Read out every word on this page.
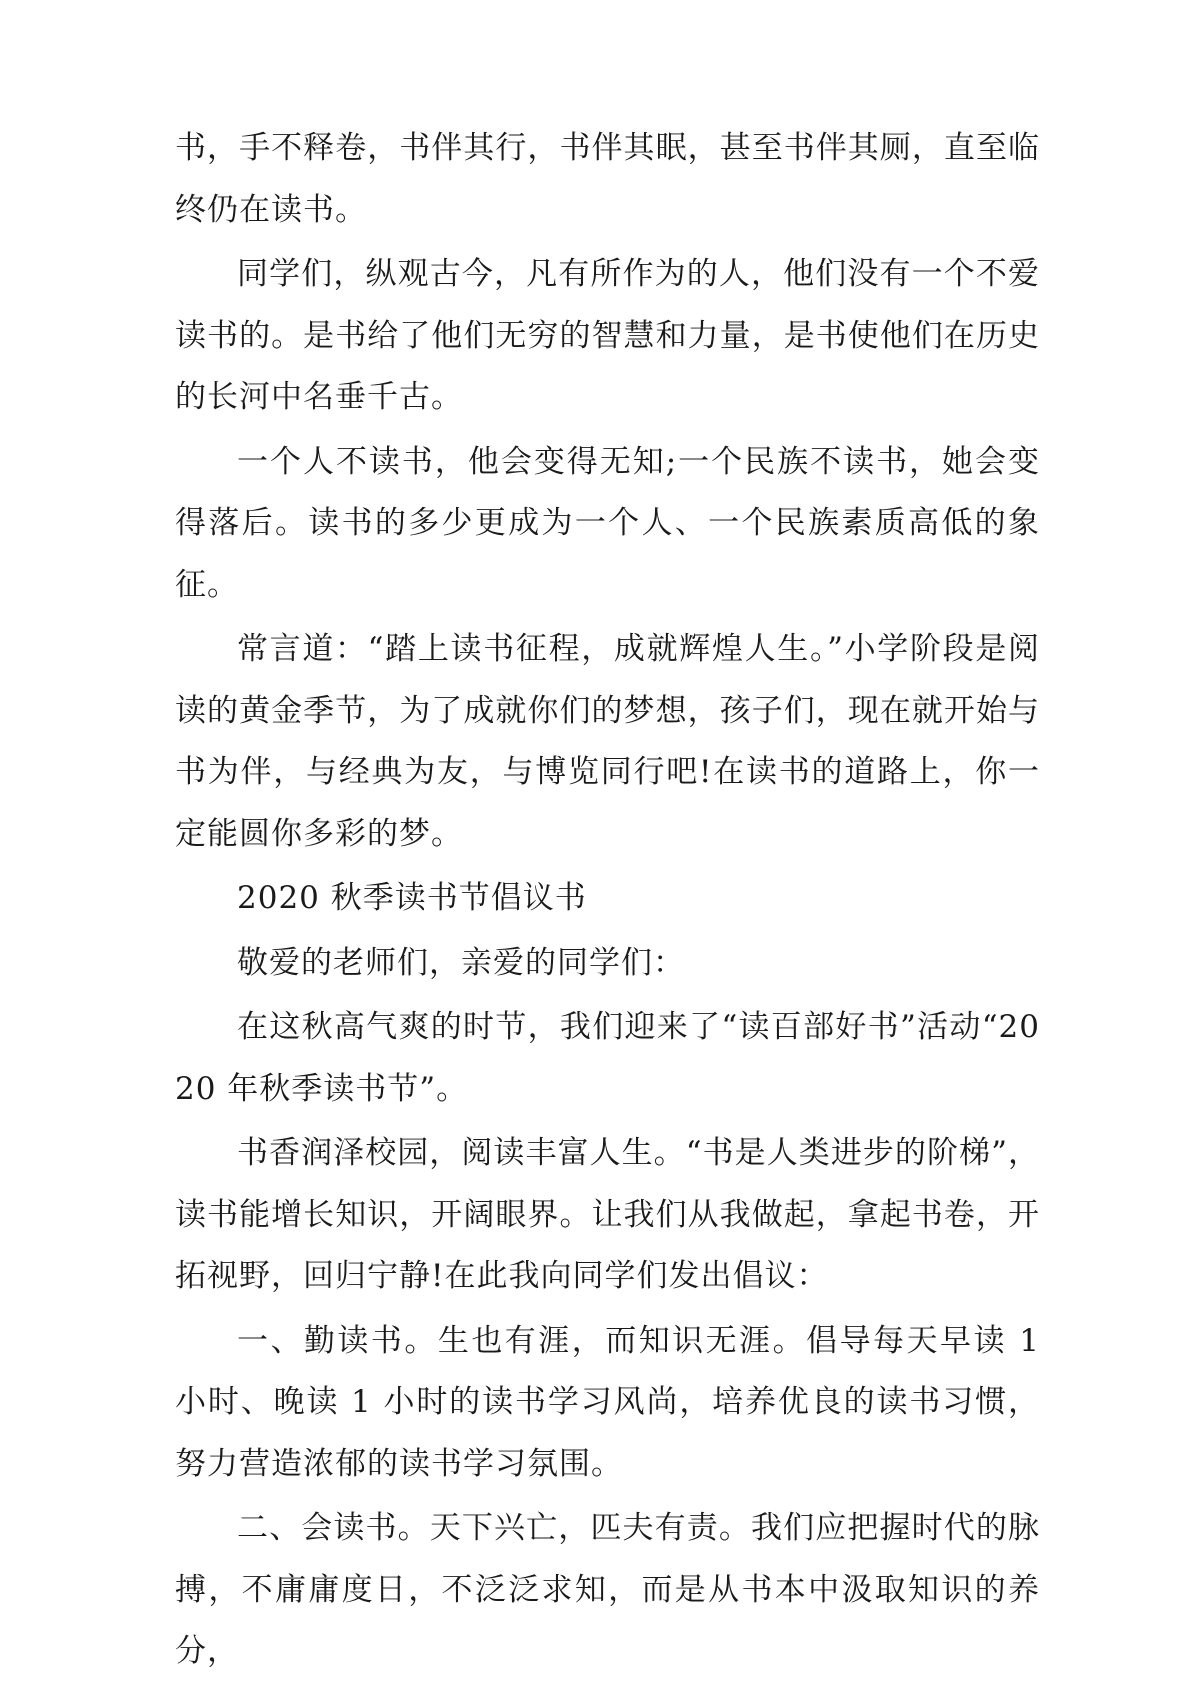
书，手不释卷，书伴其行，书伴其眠，甚至书伴其厕，直至临终仍在读书。

同学们，纵观古今，凡有所作为的人，他们没有一个不爱读书的。是书给了他们无穷的智慧和力量，是书使他们在历史的长河中名垂千古。

一个人不读书，他会变得无知;一个民族不读书，她会变得落后。读书的多少更成为一个人、一个民族素质高低的象征。

常言道：“踏上读书征程，成就辉煌人生。”小学阶段是阅读的黄金季节，为了成就你们的梦想，孩子们，现在就开始与书为伴，与经典为友，与博览同行吧!在读书的道路上，你一定能圆你多彩的梦。

2020 秋季读书节倡议书

敬爱的老师们，亲爱的同学们：

在这秋高气爽的时节，我们迎来了“读百部好书”活动“2020 年秋季读书节”。

书香润泽校园，阅读丰富人生。“书是人类进步的阶梯”，读书能增长知识，开阔眼界。让我们从我做起，拿起书卷，开拓视野，回归宁静!在此我向同学们发出倡议：

一、勤读书。生也有涯，而知识无涯。倡导每天早读 1 小时、晚读 1 小时的读书学习风尚，培养优良的读书习惯，努力营造浓郁的读书学习氛围。

二、会读书。天下兴亡，匹夫有责。我们应把握时代的脉搏，不庸庸度日，不泛泛求知，而是从书本中汲取知识的养分，
